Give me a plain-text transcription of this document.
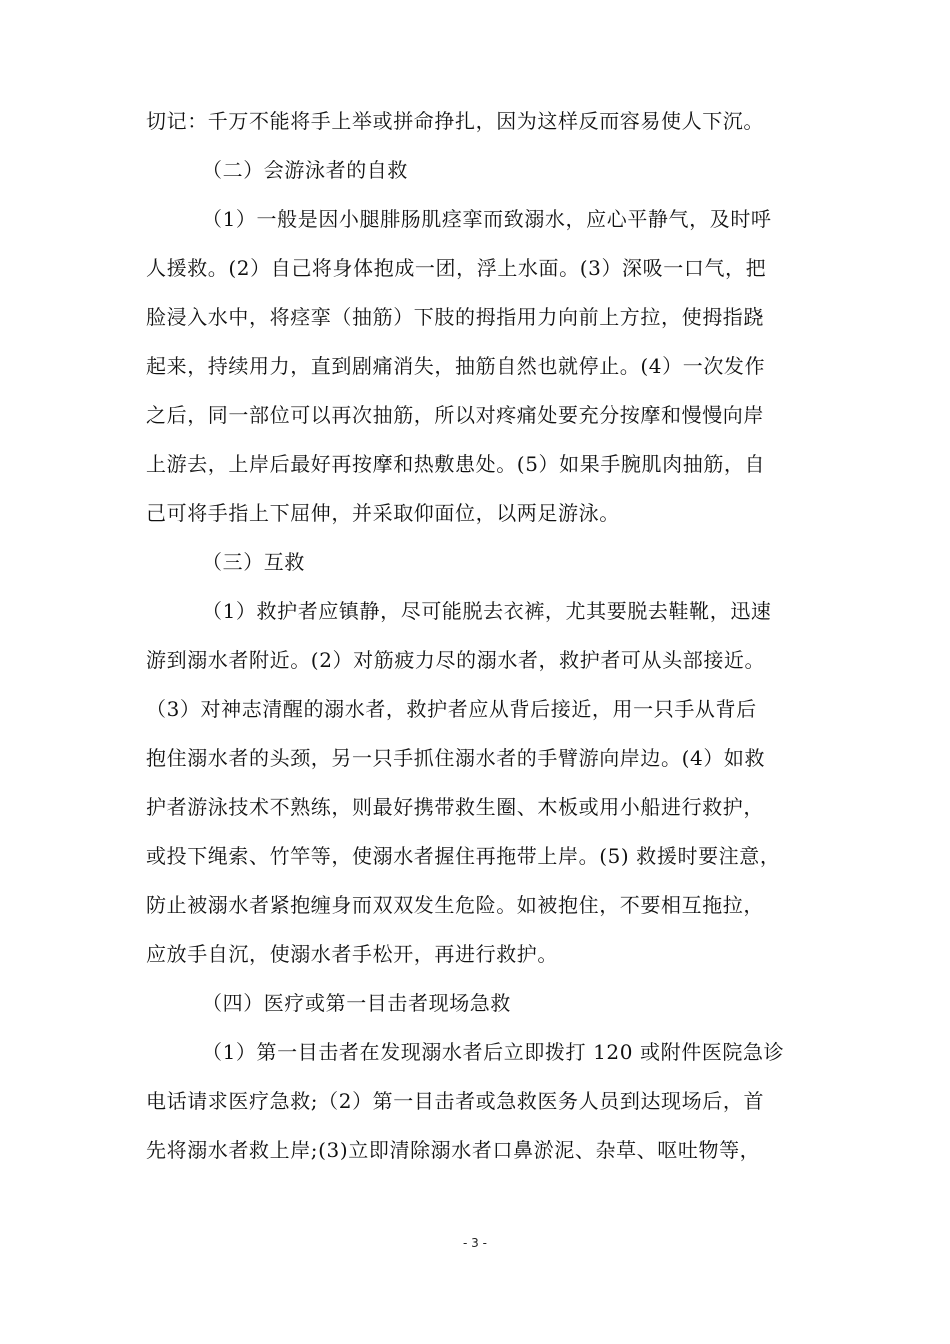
切记：千万不能将手上举或拼命挣扎，因为这样反而容易使人下沉。
（二）会游泳者的自救
（1）一般是因小腿腓肠肌痉挛而致溺水，应心平静气，及时呼
人援救。(2）自己将身体抱成一团，浮上水面。(3）深吸一口气，把
脸浸入水中，将痉挛（抽筋）下肢的拇指用力向前上方拉，使拇指跷
起来，持续用力，直到剧痛消失，抽筋自然也就停止。(4）一次发作
之后，同一部位可以再次抽筋，所以对疼痛处要充分按摩和慢慢向岸
上游去，上岸后最好再按摩和热敷患处。(5）如果手腕肌肉抽筋，自
己可将手指上下屈伸，并采取仰面位，以两足游泳。
（三）互救
（1）救护者应镇静，尽可能脱去衣裤，尤其要脱去鞋靴，迅速
游到溺水者附近。(2）对筋疲力尽的溺水者，救护者可从头部接近。
（3）对神志清醒的溺水者，救护者应从背后接近，用一只手从背后
抱住溺水者的头颈，另一只手抓住溺水者的手臂游向岸边。(4）如救
护者游泳技术不熟练，则最好携带救生圈、木板或用小船进行救护，
或投下绳索、竹竿等，使溺水者握住再拖带上岸。(5) 救援时要注意，
防止被溺水者紧抱缠身而双双发生危险。如被抱住，不要相互拖拉，
应放手自沉，使溺水者手松开，再进行救护。
（四）医疗或第一目击者现场急救
（1）第一目击者在发现溺水者后立即拨打 120 或附件医院急诊
电话请求医疗急救;（2）第一目击者或急救医务人员到达现场后，首
先将溺水者救上岸;(3)立即清除溺水者口鼻淤泥、杂草、呕吐物等，
- 3 -
